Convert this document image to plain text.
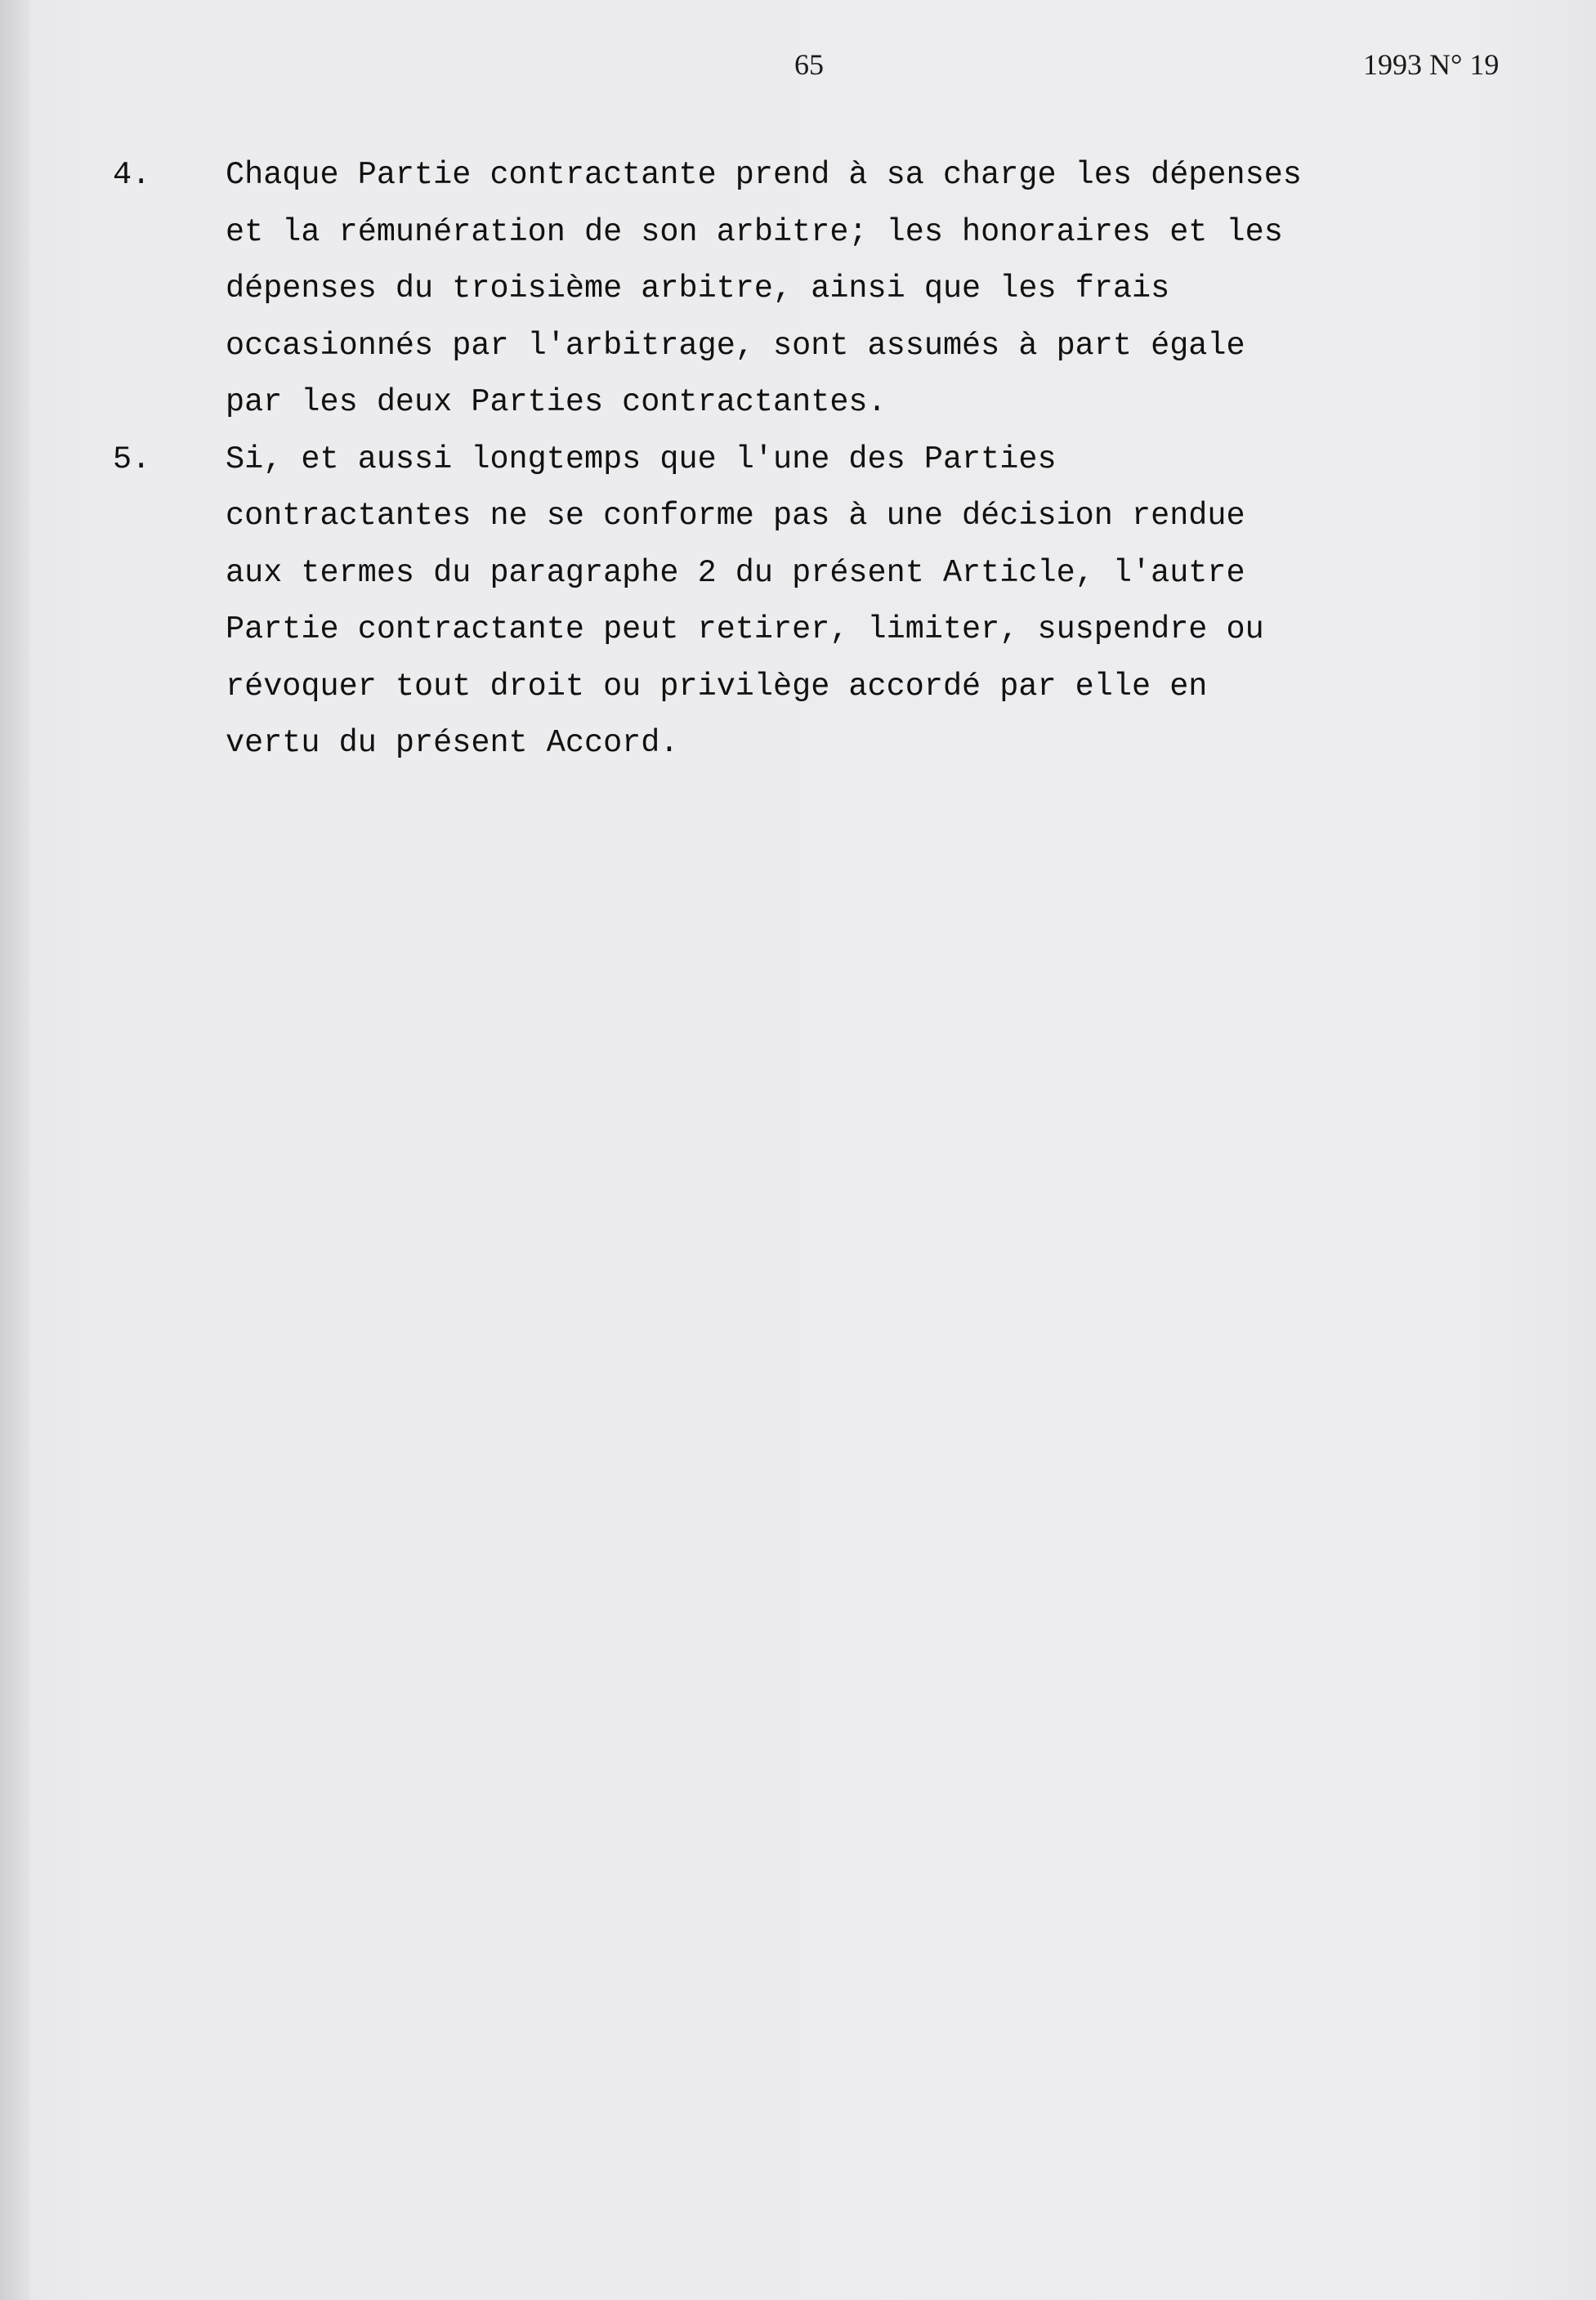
65	1993 N° 19
4. Chaque Partie contractante prend à sa charge les dépenses
et la rémunération de son arbitre; les honoraires et les
dépenses du troisième arbitre, ainsi que les frais
occasionnés par l'arbitrage, sont assumés à part égale
par les deux Parties contractantes.
5. Si, et aussi longtemps que l'une des Parties
contractantes ne se conforme pas à une décision rendue
aux termes du paragraphe 2 du présent Article, l'autre
Partie contractante peut retirer, limiter, suspendre ou
révoquer tout droit ou privilège accordé par elle en
vertu du présent Accord.
